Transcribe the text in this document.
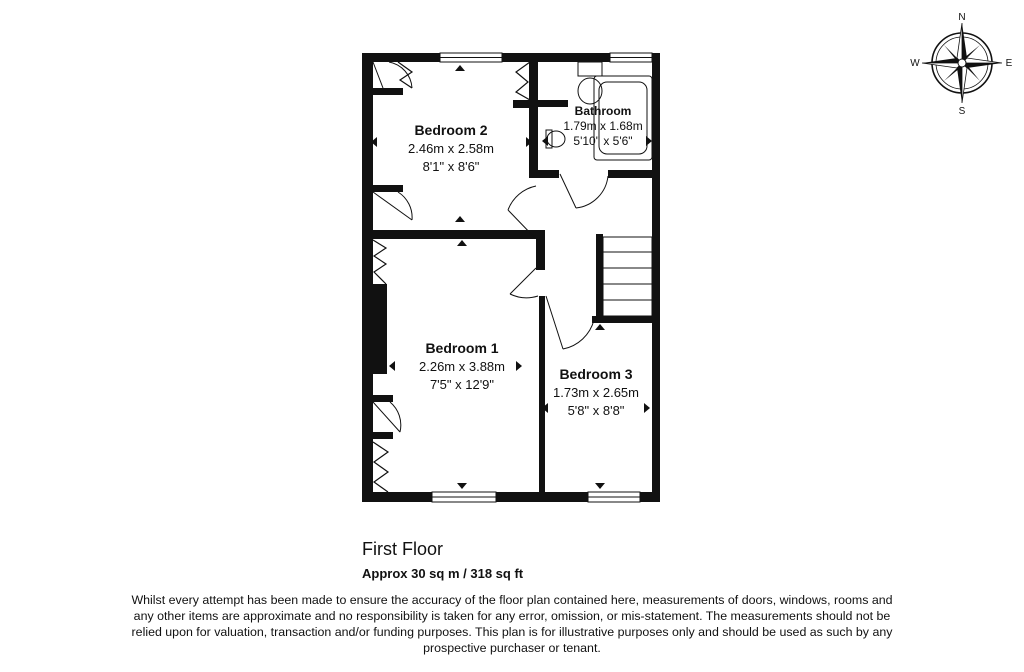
Bedroom 2
2.46m x 2.58m
8'1" x 8'6"
Bathroom
1.79m x 1.68m
5'10" x 5'6"
Bedroom 1
2.26m x 3.88m
7'5" x 12'9"
Bedroom 3
1.73m x 2.65m
5'8" x 8'8"
N
S
E
W
First Floor
Approx 30 sq m / 318 sq ft
Whilst every attempt has been made to ensure the accuracy of the floor plan contained here, measurements of doors, windows, rooms and any other items are approximate and no responsibility is taken for any error, omission, or mis-statement. The measurements should not be relied upon for valuation, transaction and/or funding purposes. This plan is for illustrative purposes only and should be used as such by any prospective purchaser or tenant.
